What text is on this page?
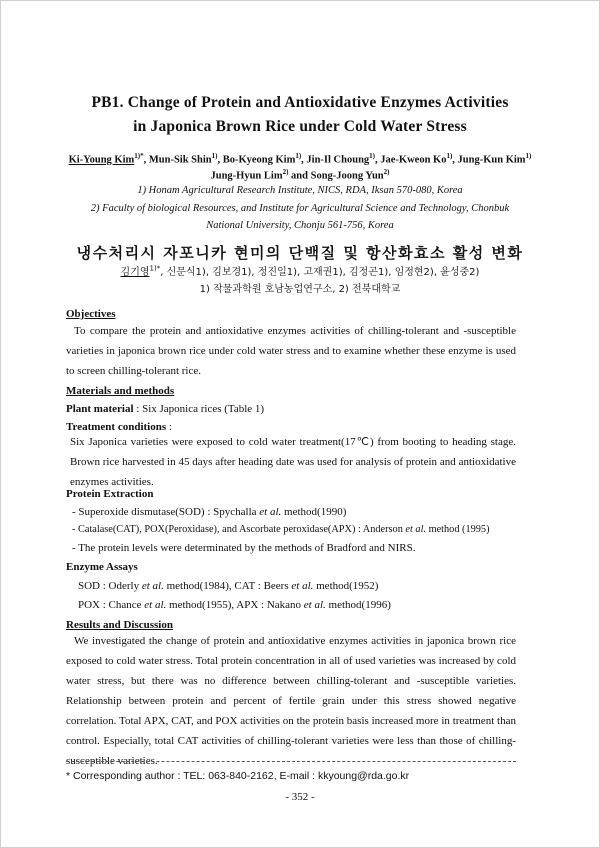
PB1. Change of Protein and Antioxidative Enzymes Activities
in Japonica Brown Rice under Cold Water Stress
Ki-Young Kim$^{1)*}$, Mun-Sik Shin$^{1)}$, Bo-Kyeong Kim$^{1)}$, Jin-Il Choung$^{1)}$, Jae-Kweon Ko$^{1)}$, Jung-Kun Kim$^{1)}$
Jung-Hyun Lim$^{2)}$ and Song-Joong Yun$^{2)}$
1) Honam Agricultural Research Institute, NICS, RDA, Iksan 570-080, Korea
2) Faculty of biological Resources, and Institute for Agricultural Science and Technology, Chonbuk
National University, Chonju 561-756, Korea
냉수처리시 자포니카 현미의 단백질 및 항산화효소 활성 변화
김기영$^{1)*}$, 신문식1), 김보경1), 정진일1), 고재권1), 김정곤1), 임정현2), 윤성중2)
1) 작물과학원 호남농업연구소, 2) 전북대학교
Objectives
To compare the protein and antioxidative enzymes activities of chilling-tolerant and -susceptible varieties in japonica brown rice under cold water stress and to examine whether these enzyme is used to screen chilling-tolerant rice.
Materials and methods
Plant material : Six Japonica rices (Table 1)
Treatment conditions :
Six Japonica varieties were exposed to cold water treatment(17℃) from booting to heading stage. Brown rice harvested in 45 days after heading date was used for analysis of protein and antioxidative enzymes activities.
Protein Extraction
- Superoxide dismutase(SOD) : Spychalla et al. method(1990)
- Catalase(CAT), POX(Peroxidase), and Ascorbate peroxidase(APX) : Anderson et al. method (1995)
- The protein levels were determinated by the methods of Bradford and NIRS.
Enzyme Assays
SOD : Oderly et al. method(1984), CAT : Beers et al. method(1952)
POX : Chance et al. method(1955), APX : Nakano et al. method(1996)
Results and Discussion
We investigated the change of protein and antioxidative enzymes activities in japonica brown rice exposed to cold water stress. Total protein concentration in all of used varieties was increased by cold water stress, but there was no difference between chilling-tolerant and -susceptible varieties. Relationship between protein and percent of fertile grain under this stress showed negative correlation. Total APX, CAT, and POX activities on the protein basis increased more in treatment than control. Especially, total CAT activities of chilling-tolerant varieties were less than those of chilling-susceptible varieties.
* Corresponding author : TEL: 063-840-2162, E-mail : kkyoung@rda.go.kr
- 352 -
